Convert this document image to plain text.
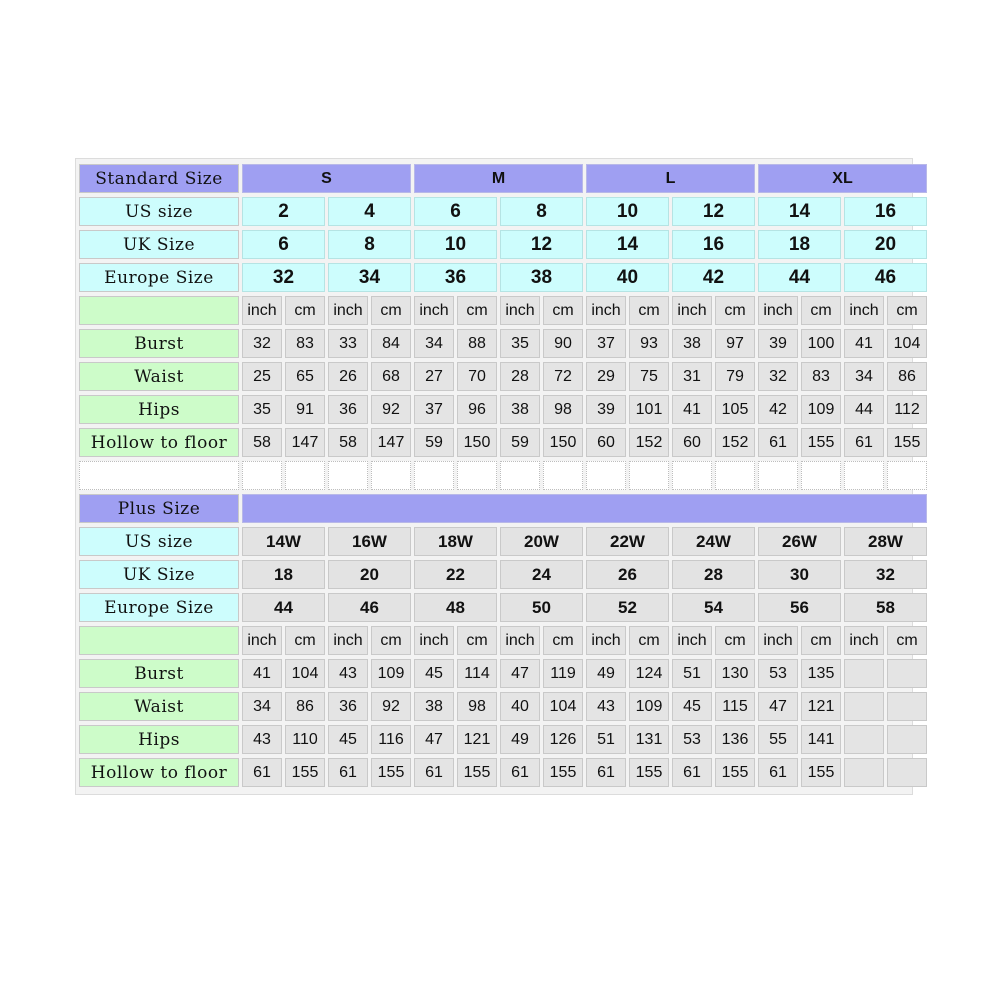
Standard Size	S	M	L	XL
US size	2	4	6	8	10	12	14	16
UK Size	6	8	10	12	14	16	18	20
Europe Size	32	34	36	38	40	42	44	46
inch	cm	inch	cm	inch	cm	inch	cm	inch	cm	inch	cm	inch	cm	inch	cm
Burst	32	83	33	84	34	88	35	90	37	93	38	97	39	100	41	104
Waist	25	65	26	68	27	70	28	72	29	75	31	79	32	83	34	86
Hips	35	91	36	92	37	96	38	98	39	101	41	105	42	109	44	112
Hollow to floor	58	147	58	147	59	150	59	150	60	152	60	152	61	155	61	155
Plus Size
US size	14W	16W	18W	20W	22W	24W	26W	28W
UK Size	18	20	22	24	26	28	30	32
Europe Size	44	46	48	50	52	54	56	58
inch	cm	inch	cm	inch	cm	inch	cm	inch	cm	inch	cm	inch	cm	inch	cm
Burst	41	104	43	109	45	114	47	119	49	124	51	130	53	135
Waist	34	86	36	92	38	98	40	104	43	109	45	115	47	121
Hips	43	110	45	116	47	121	49	126	51	131	53	136	55	141
Hollow to floor	61	155	61	155	61	155	61	155	61	155	61	155	61	155
